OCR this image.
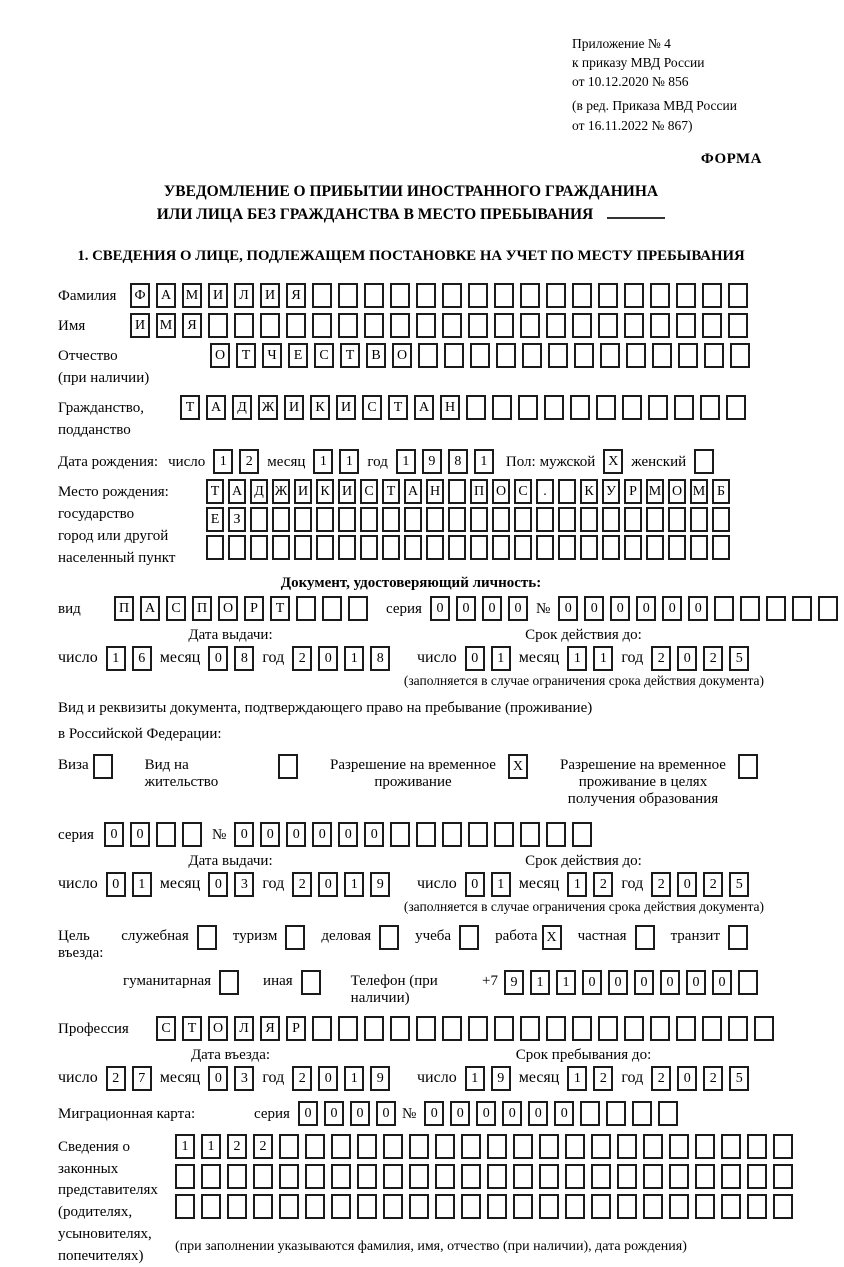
Приложение № 4
к приказу МВД России
от 10.12.2020 № 856
(в ред. Приказа МВД России
от 16.11.2022 № 867)
ФОРМА
УВЕДОМЛЕНИЕ О ПРИБЫТИИ ИНОСТРАННОГО ГРАЖДАНИНА
ИЛИ ЛИЦА БЕЗ ГРАЖДАНСТВА В МЕСТО ПРЕБЫВАНИЯ
1. СВЕДЕНИЯ О ЛИЦЕ, ПОДЛЕЖАЩЕМ ПОСТАНОВКЕ НА УЧЕТ ПО МЕСТУ ПРЕБЫВАНИЯ
Фамилия	Ф А М И Л И Я
Имя	И М Я
Отчество
(при наличии)
О Т Ч Е С Т В О
Гражданство,
подданство
Т А Д Ж И К И С Т А Н
Дата рождения: число	1 2 месяц	1 1 год	1 9 8 1	Пол: мужской X женский
Место рождения:
государство
город или другой
населенный пункт
Т А Д Ж И К И С Т А Н П О С .	К У Р М О М Б
Е З
Документ, удостоверяющий личность:
вид	П А С П О Р Т	серия	0 0 0 0 №	0 0 0 0 0 0
Дата выдачи:	Срок действия до:
число	1 6 месяц	0 8 год	2 0 1 8	число	0 1 месяц	1 1 год	2 0 2 5
(заполняется в случае ограничения срока действия документа)
Вид и реквизиты документа, подтверждающего право на пребывание (проживание)
в Российской Федерации:
Виза	Вид на жительство
Разрешение на временное проживание
X	Разрешение на временное проживание в целях получения образования
серия	0 0	№	0 0 0 0 0 0
Дата выдачи:	Срок действия до:
число	0 1 месяц	0 3 год	2 0 1 9	число	0 1 месяц	1 2 год	2 0 2 5
(заполняется в случае ограничения срока действия документа)
Цель въезда:
служебная	туризм	деловая	учеба	работа X	частная	транзит
гуманитарная	иная	Телефон (при наличии)
+7 9 1 1 0 0 0 0 0 0
Профессия	С Т О Л Я Р
Дата въезда:	Срок пребывания до:
число	2 7 месяц	0 3 год	2 0 1 9	число	1 9 месяц	1 2 год	2 0 2 5
Миграционная карта:	серия	0 0 0 0 №	0 0 0 0 0 0
Сведения о
законных
представителях
(родителях,
усыновителях,
попечителях)
1 1 2 2
(при заполнении указываются фамилия, имя, отчество (при наличии), дата рождения)
